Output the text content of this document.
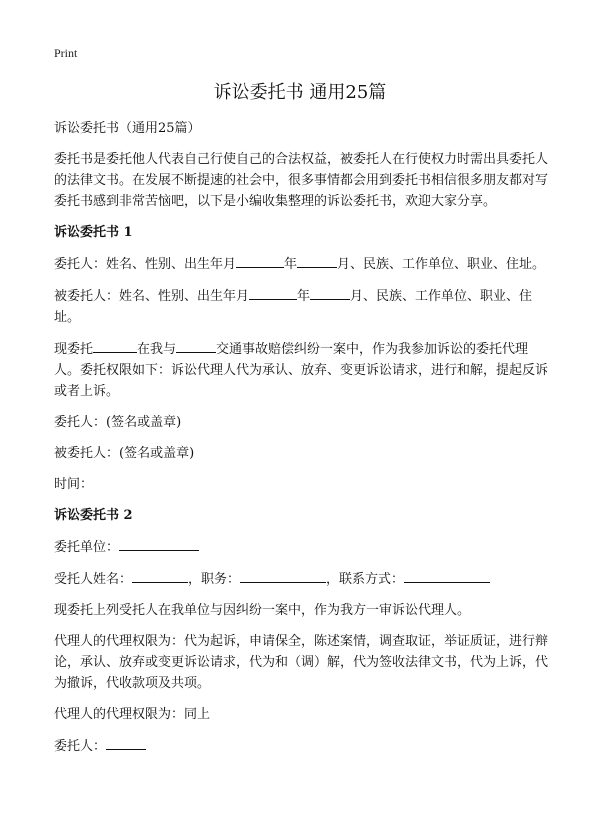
Print
诉讼委托书 通用25篇

诉讼委托书（通用25篇）

委托书是委托他人代表自己行使自己的合法权益，被委托人在行使权力时需出具委托人的法律文书。在发展不断提速的社会中，很多事情都会用到委托书相信很多朋友都对写委托书感到非常苦恼吧，以下是小编收集整理的诉讼委托书，欢迎大家分享。

诉讼委托书 1

委托人：姓名、性别、出生年月	年	月、民族、工作单位、职业、住址。

被委托人：姓名、性别、出生年月	年	月、民族、工作单位、职业、住址。

现委托	在我与	交通事故赔偿纠纷一案中，作为我参加诉讼的委托代理人。委托权限如下：诉讼代理人代为承认、放弃、变更诉讼请求，进行和解，提起反诉或者上诉。

委托人：(签名或盖章)

被委托人：(签名或盖章)

时间：

诉讼委托书 2

委托单位：

受托人姓名：	，职务：	，联系方式：

现委托上列受托人在我单位与因纠纷一案中，作为我方一审诉讼代理人。

代理人的代理权限为：代为起诉，申请保全，陈述案情，调查取证，举证质证，进行辩论，承认、放弃或变更诉讼请求，代为和（调）解，代为签收法律文书，代为上诉，代为撤诉，代收款项及共项。

代理人的代理权限为：同上

委托人：
